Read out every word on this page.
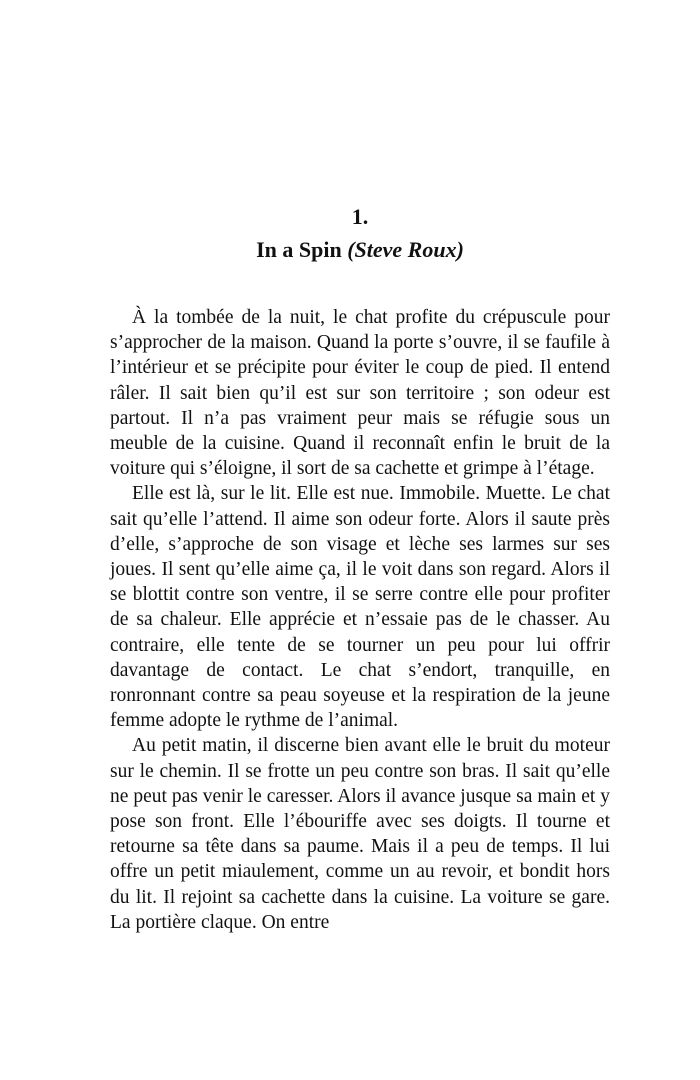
1.
In a Spin (Steve Roux)

À la tombée de la nuit, le chat profite du crépuscule pour s’approcher de la maison. Quand la porte s’ouvre, il se faufile à l’intérieur et se précipite pour éviter le coup de pied. Il entend râler. Il sait bien qu’il est sur son territoire ; son odeur est partout. Il n’a pas vraiment peur mais se réfugie sous un meuble de la cuisine. Quand il reconnaît enfin le bruit de la voiture qui s’éloigne, il sort de sa cachette et grimpe à l’étage.

Elle est là, sur le lit. Elle est nue. Immobile. Muette. Le chat sait qu’elle l’attend. Il aime son odeur forte. Alors il saute près d’elle, s’approche de son visage et lèche ses larmes sur ses joues. Il sent qu’elle aime ça, il le voit dans son regard. Alors il se blottit contre son ventre, il se serre contre elle pour profiter de sa chaleur. Elle apprécie et n’essaie pas de le chasser. Au contraire, elle tente de se tourner un peu pour lui offrir davantage de contact. Le chat s’endort, tranquille, en ronronnant contre sa peau soyeuse et la respiration de la jeune femme adopte le rythme de l’animal.

Au petit matin, il discerne bien avant elle le bruit du moteur sur le chemin. Il se frotte un peu contre son bras. Il sait qu’elle ne peut pas venir le caresser. Alors il avance jusque sa main et y pose son front. Elle l’ébouriffe avec ses doigts. Il tourne et retourne sa tête dans sa paume. Mais il a peu de temps. Il lui offre un petit miaulement, comme un au revoir, et bondit hors du lit. Il rejoint sa cachette dans la cuisine. La voiture se gare. La portière claque. On entre
